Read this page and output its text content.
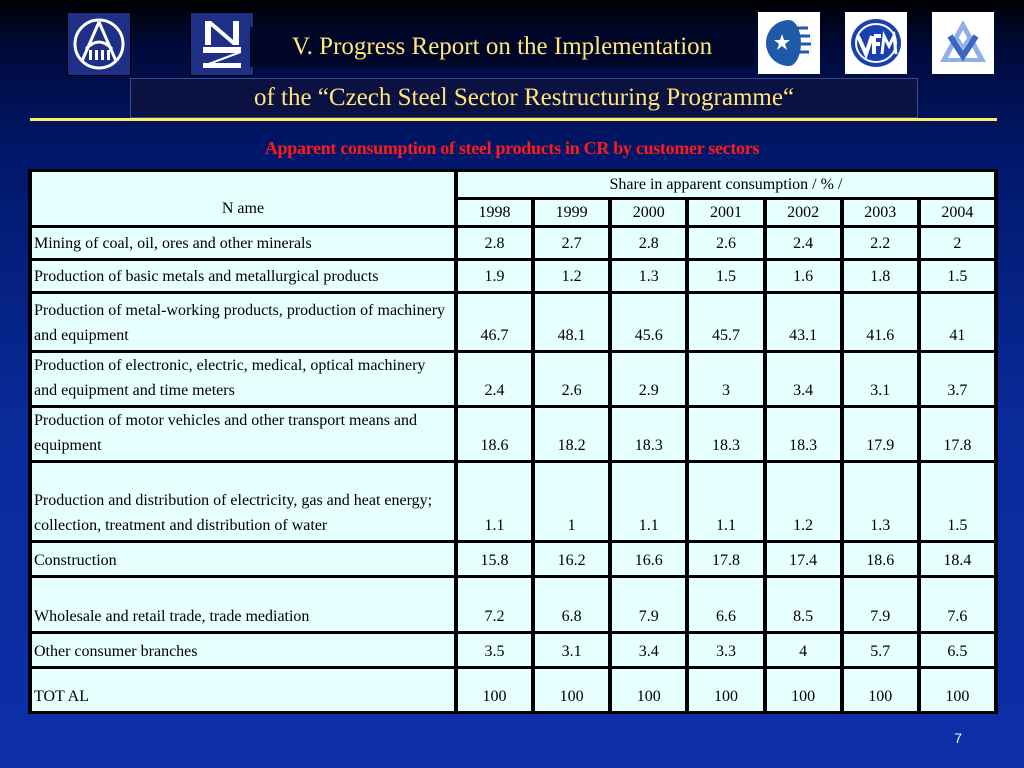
V. Progress Report on the Implementation
of the “Czech Steel Sector Restructuring Programme“
Apparent consumption of steel products in CR by customer sectors
N ame	Share in apparent consumption / % /						
	1998	1999	2000	2001	2002	2003	2004
Mining of coal, oil, ores and other minerals	2.8	2.7	2.8	2.6	2.4	2.2	2
Production of basic metals and metallurgical products	1.9	1.2	1.3	1.5	1.6	1.8	1.5
Production of metal-working products, production of machinery and equipment	46.7	48.1	45.6	45.7	43.1	41.6	41
Production of electronic, electric, medical, optical machinery and equipment and time meters	2.4	2.6	2.9	3	3.4	3.1	3.7
Production of motor vehicles and other transport means and equipment	18.6	18.2	18.3	18.3	18.3	17.9	17.8
Production and distribution of electricity, gas and heat energy; collection, treatment and distribution of water	1.1	1	1.1	1.1	1.2	1.3	1.5
Construction	15.8	16.2	16.6	17.8	17.4	18.6	18.4
Wholesale and retail trade, trade mediation	7.2	6.8	7.9	6.6	8.5	7.9	7.6
Other consumer branches	3.5	3.1	3.4	3.3	4	5.7	6.5
TOT AL	100	100	100	100	100	100	100
7
